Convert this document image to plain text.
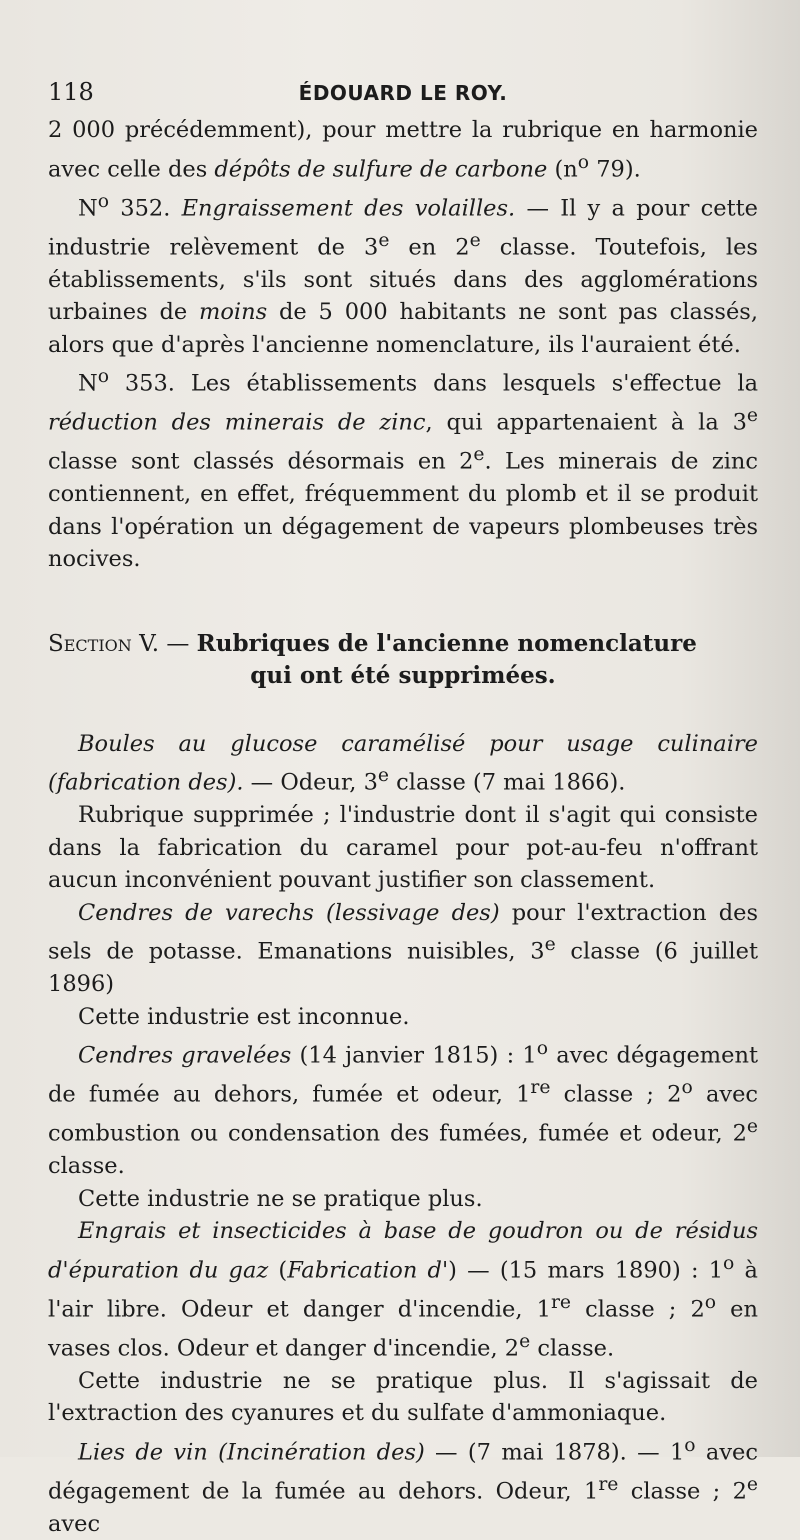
118	ÉDOUARD LE ROY.

2 000 précédemment), pour mettre la rubrique en harmonie avec celle des dépôts de sulfure de carbone ($n^o$ 79).

$N^o$ 352. Engraissement des volailles. — Il y a pour cette industrie relèvement de 3e en 2e classe. Toutefois, les établissements, s'ils sont situés dans des agglomérations urbaines de moins de 5 000 habitants ne sont pas classés, alors que d'après l'ancienne nomenclature, ils l'auraient été.

$N^o$ 353. Les établissements dans lesquels s'effectue la réduction des minerais de zinc, qui appartenaient à la 3e classe sont classés désormais en 2e. Les minerais de zinc contiennent, en effet, fréquemment du plomb et il se produit dans l'opération un dégagement de vapeurs plombeuses très nocives.

Section V. — Rubriques de l'ancienne nomenclature
qui ont été supprimées.

Boules au glucose caramélisé pour usage culinaire (fabrication des). — Odeur, 3e classe (7 mai 1866).

Rubrique supprimée ; l'industrie dont il s'agit qui consiste dans la fabrication du caramel pour pot-au-feu n'offrant aucun inconvénient pouvant justifier son classement.

Cendres de varechs (lessivage des) pour l'extraction des sels de potasse. Emanations nuisibles, 3e classe (6 juillet 1896)

Cette industrie est inconnue.

Cendres gravelées (14 janvier 1815) : 1$^o$ avec dégagement de fumée au dehors, fumée et odeur, 1re classe ; 2$^o$ avec combustion ou condensation des fumées, fumée et odeur, 2e classe.

Cette industrie ne se pratique plus.

Engrais et insecticides à base de goudron ou de résidus d'épuration du gaz (Fabrication d') — (15 mars 1890) : 1$^o$ à l'air libre. Odeur et danger d'incendie, 1re classe ; 2$^o$ en vases clos. Odeur et danger d'incendie, 2e classe.

Cette industrie ne se pratique plus. Il s'agissait de l'extraction des cyanures et du sulfate d'ammoniaque.

Lies de vin (Incinération des) — (7 mai 1878). — 1$^o$ avec dégagement de la fumée au dehors. Odeur, 1re classe ; 2e avec
